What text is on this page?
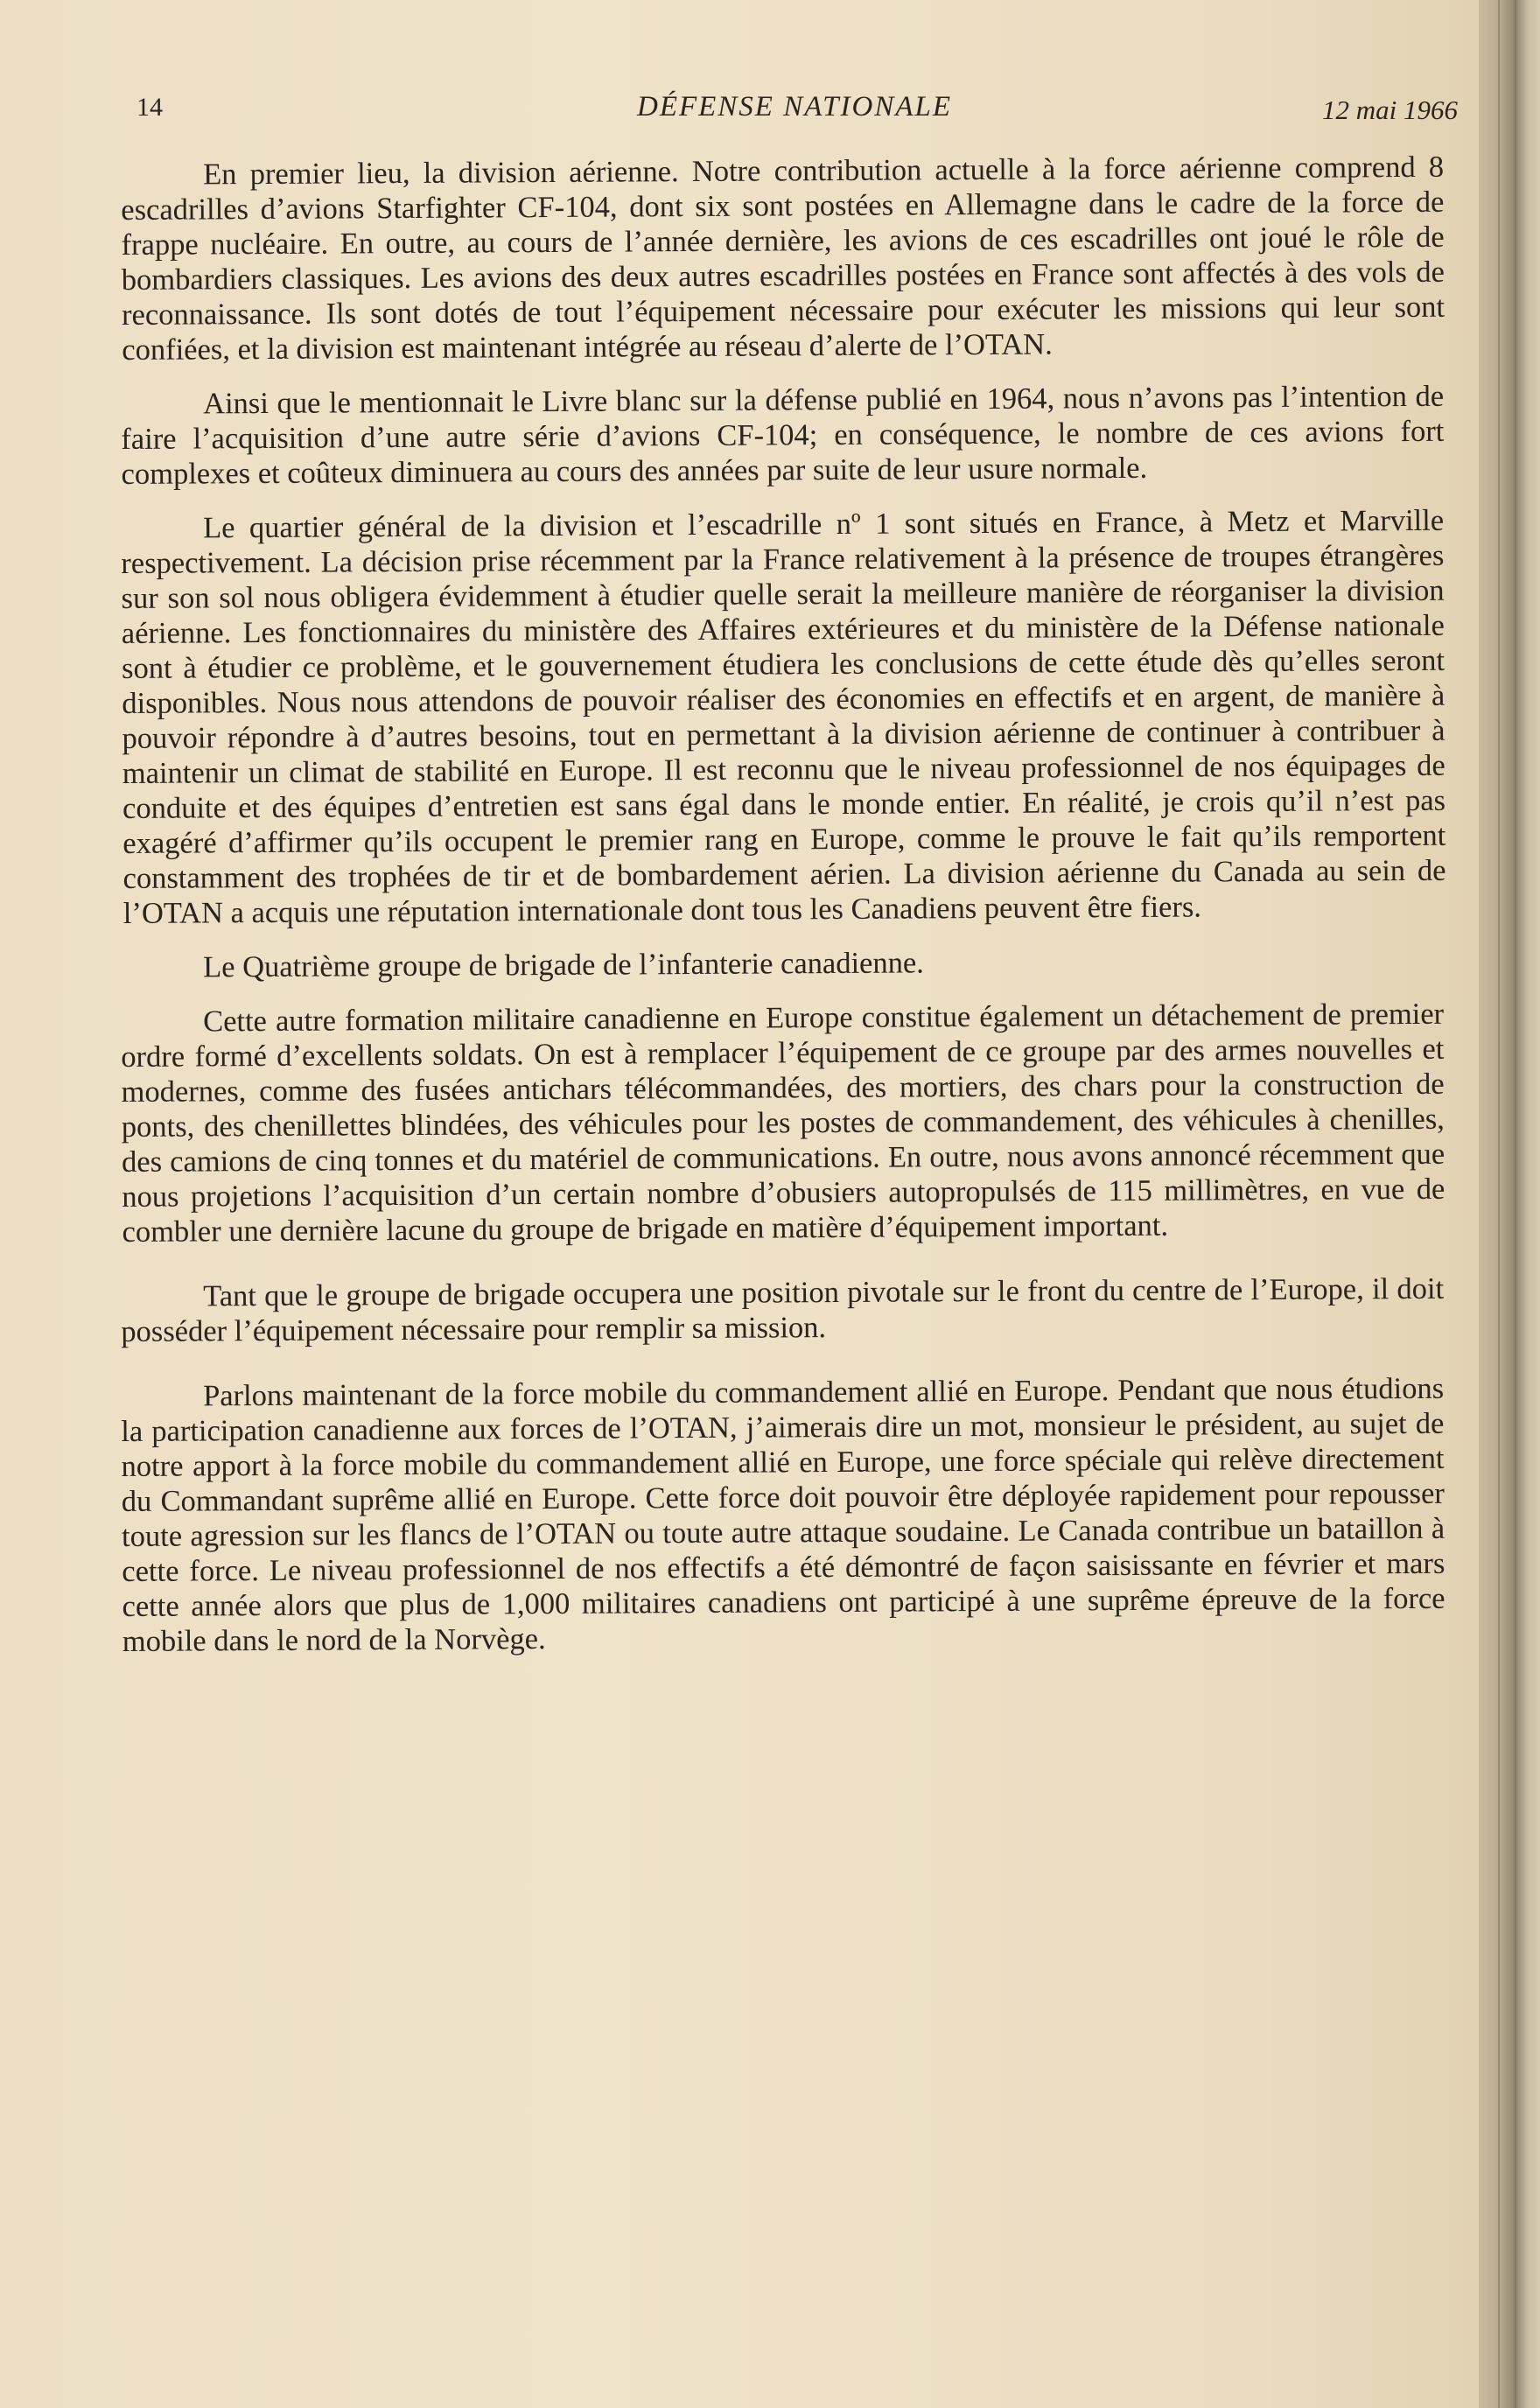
14	DÉFENSE NATIONALE	12 mai 1966

En premier lieu, la division aérienne. Notre contribution actuelle à la force aérienne comprend 8 escadrilles d’avions Starfighter CF-104, dont six sont postées en Allemagne dans le cadre de la force de frappe nucléaire. En outre, au cours de l’année dernière, les avions de ces escadrilles ont joué le rôle de bombardiers classiques. Les avions des deux autres escadrilles postées en France sont affectés à des vols de reconnaissance. Ils sont dotés de tout l’équipement nécessaire pour exécuter les missions qui leur sont confiées, et la division est maintenant intégrée au réseau d’alerte de l’OTAN.

Ainsi que le mentionnait le Livre blanc sur la défense publié en 1964, nous n’avons pas l’intention de faire l’acquisition d’une autre série d’avions CF-104; en conséquence, le nombre de ces avions fort complexes et coûteux diminuera au cours des années par suite de leur usure normale.

Le quartier général de la division et l’escadrille nº 1 sont situés en France, à Metz et Marville respectivement. La décision prise récemment par la France relativement à la présence de troupes étrangères sur son sol nous obligera évidemment à étudier quelle serait la meilleure manière de réorganiser la division aérienne. Les fonctionnaires du ministère des Affaires extérieures et du ministère de la Défense nationale sont à étudier ce problème, et le gouvernement étudiera les conclusions de cette étude dès qu’elles seront disponibles. Nous nous attendons de pouvoir réaliser des économies en effectifs et en argent, de manière à pouvoir répondre à d’autres besoins, tout en permettant à la division aérienne de continuer à contribuer à maintenir un climat de stabilité en Europe. Il est reconnu que le niveau professionnel de nos équipages de conduite et des équipes d’entretien est sans égal dans le monde entier. En réalité, je crois qu’il n’est pas exagéré d’affirmer qu’ils occupent le premier rang en Europe, comme le prouve le fait qu’ils remportent constamment des trophées de tir et de bombardement aérien. La division aérienne du Canada au sein de l’OTAN a acquis une réputation internationale dont tous les Canadiens peuvent être fiers.

Le Quatrième groupe de brigade de l’infanterie canadienne.

Cette autre formation militaire canadienne en Europe constitue également un détachement de premier ordre formé d’excellents soldats. On est à remplacer l’équipement de ce groupe par des armes nouvelles et modernes, comme des fusées antichars télécommandées, des mortiers, des chars pour la construction de ponts, des chenillettes blindées, des véhicules pour les postes de commandement, des véhicules à chenilles, des camions de cinq tonnes et du matériel de communications. En outre, nous avons annoncé récemment que nous projetions l’acquisition d’un certain nombre d’obusiers autopropulsés de 115 millimètres, en vue de combler une dernière lacune du groupe de brigade en matière d’équipement important.

Tant que le groupe de brigade occupera une position pivotale sur le front du centre de l’Europe, il doit posséder l’équipement nécessaire pour remplir sa mission.

Parlons maintenant de la force mobile du commandement allié en Europe. Pendant que nous étudions la participation canadienne aux forces de l’OTAN, j’aimerais dire un mot, monsieur le président, au sujet de notre apport à la force mobile du commandement allié en Europe, une force spéciale qui relève directement du Commandant suprême allié en Europe. Cette force doit pouvoir être déployée rapidement pour repousser toute agression sur les flancs de l’OTAN ou toute autre attaque soudaine. Le Canada contribue un bataillon à cette force. Le niveau professionnel de nos effectifs a été démontré de façon saisissante en février et mars cette année alors que plus de 1,000 militaires canadiens ont participé à une suprême épreuve de la force mobile dans le nord de la Norvège.
